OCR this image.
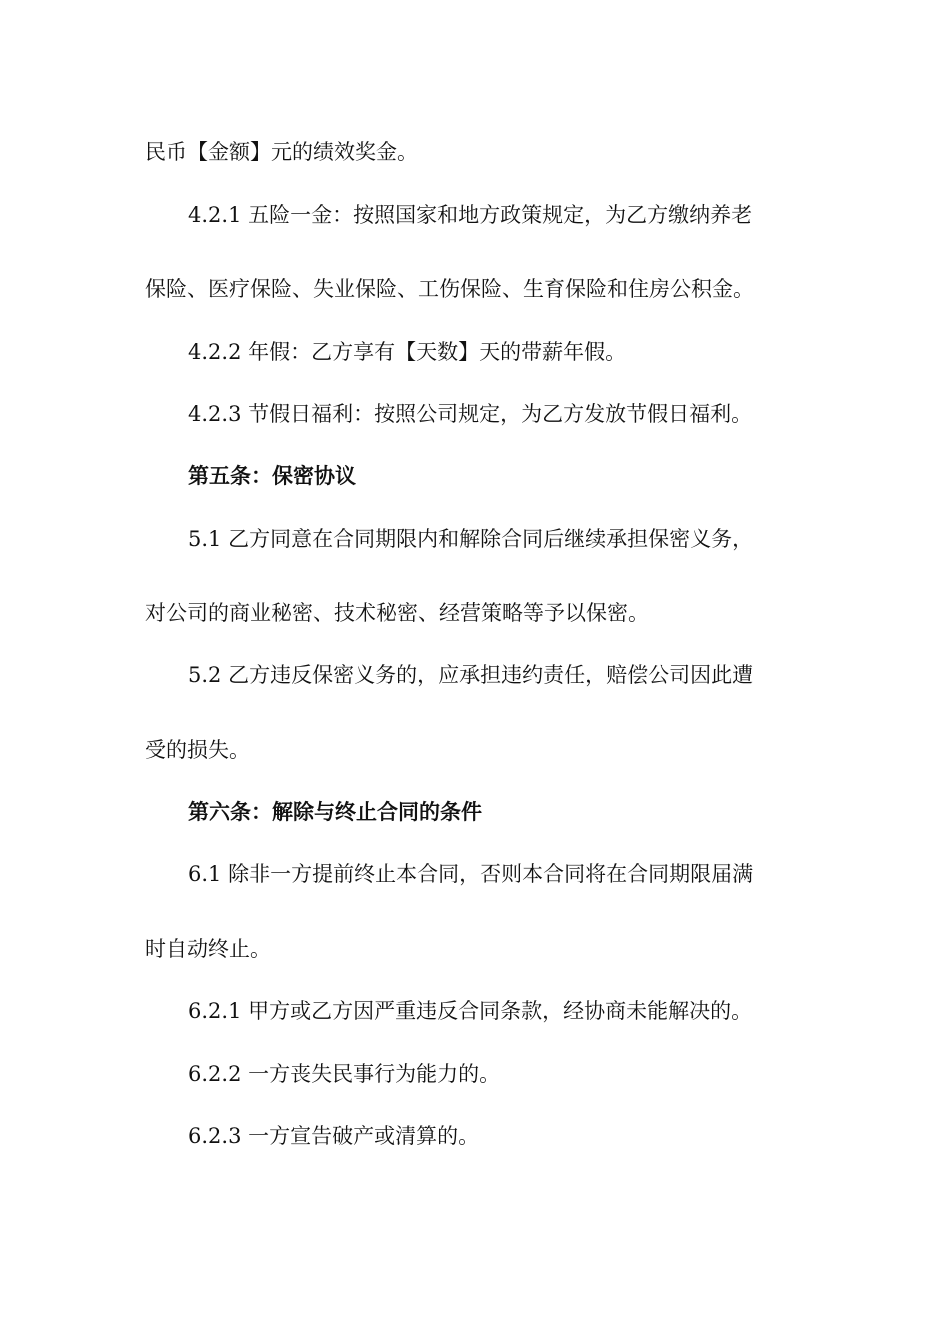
民币【金额】元的绩效奖金。
4.2.1 五险一金：按照国家和地方政策规定，为乙方缴纳养老
保险、医疗保险、失业保险、工伤保险、生育保险和住房公积金。
4.2.2 年假：乙方享有【天数】天的带薪年假。
4.2.3 节假日福利：按照公司规定，为乙方发放节假日福利。
第五条：保密协议
5.1 乙方同意在合同期限内和解除合同后继续承担保密义务，
对公司的商业秘密、技术秘密、经营策略等予以保密。
5.2 乙方违反保密义务的，应承担违约责任，赔偿公司因此遭
受的损失。
第六条：解除与终止合同的条件
6.1 除非一方提前终止本合同，否则本合同将在合同期限届满
时自动终止。
6.2.1 甲方或乙方因严重违反合同条款，经协商未能解决的。
6.2.2 一方丧失民事行为能力的。
6.2.3 一方宣告破产或清算的。
